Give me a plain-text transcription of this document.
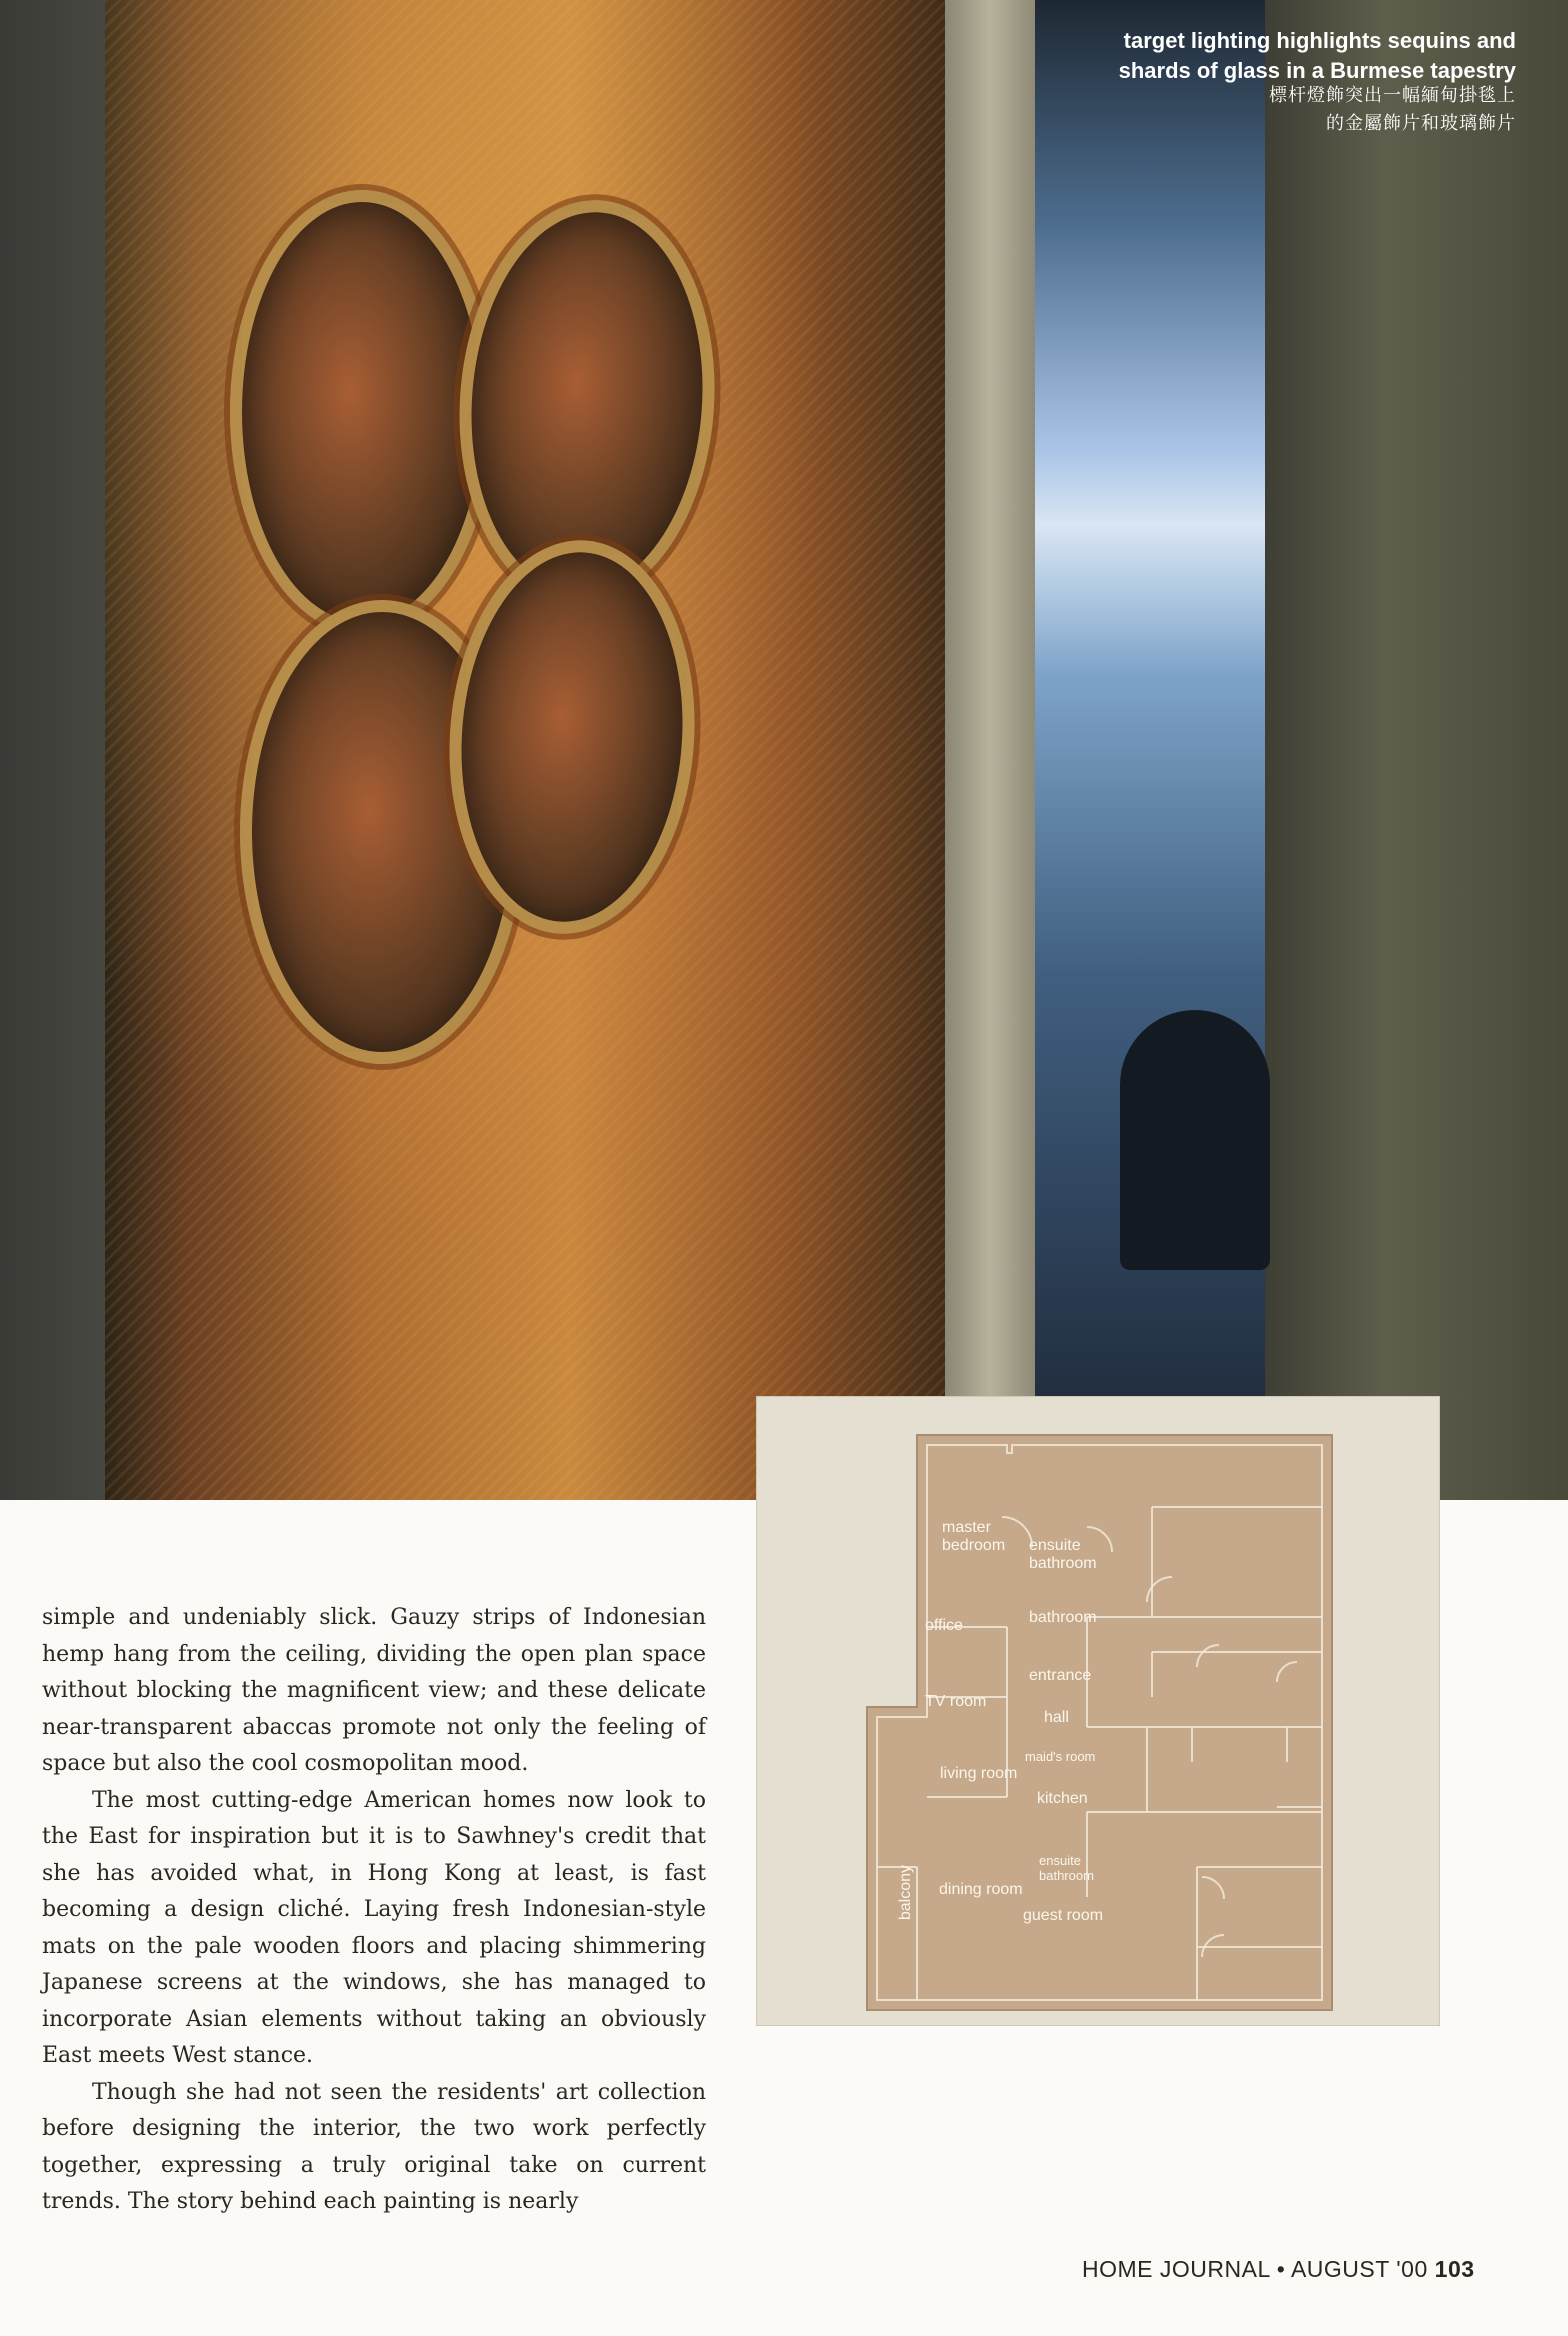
target lighting highlights sequins and
shards of glass in a Burmese tapestry
標杆燈飾突出一幅緬甸掛毯上
的金屬飾片和玻璃飾片

simple and undeniably slick. Gauzy strips of Indonesian hemp hang from the ceiling, dividing the open plan space without blocking the magnificent view; and these delicate near-transparent abaccas promote not only the feeling of space but also the cool cosmopolitan mood.

The most cutting-edge American homes now look to the East for inspiration but it is to Sawhney's credit that she has avoided what, in Hong Kong at least, is fast becoming a design cliché. Laying fresh Indonesian-style mats on the pale wooden floors and placing shimmering Japanese screens at the windows, she has managed to incorporate Asian elements without taking an obviously East meets West stance.

Though she had not seen the residents' art collection before designing the interior, the two work perfectly together, expressing a truly original take on current trends. The story behind each painting is nearly

master bedroom	ensuite bathroom
office	bathroom
entrance
TV room
hall
maid's room
living room
kitchen
ensuite bathroom
balcony dining room
guest room
HOME JOURNAL • AUGUST '00 103
